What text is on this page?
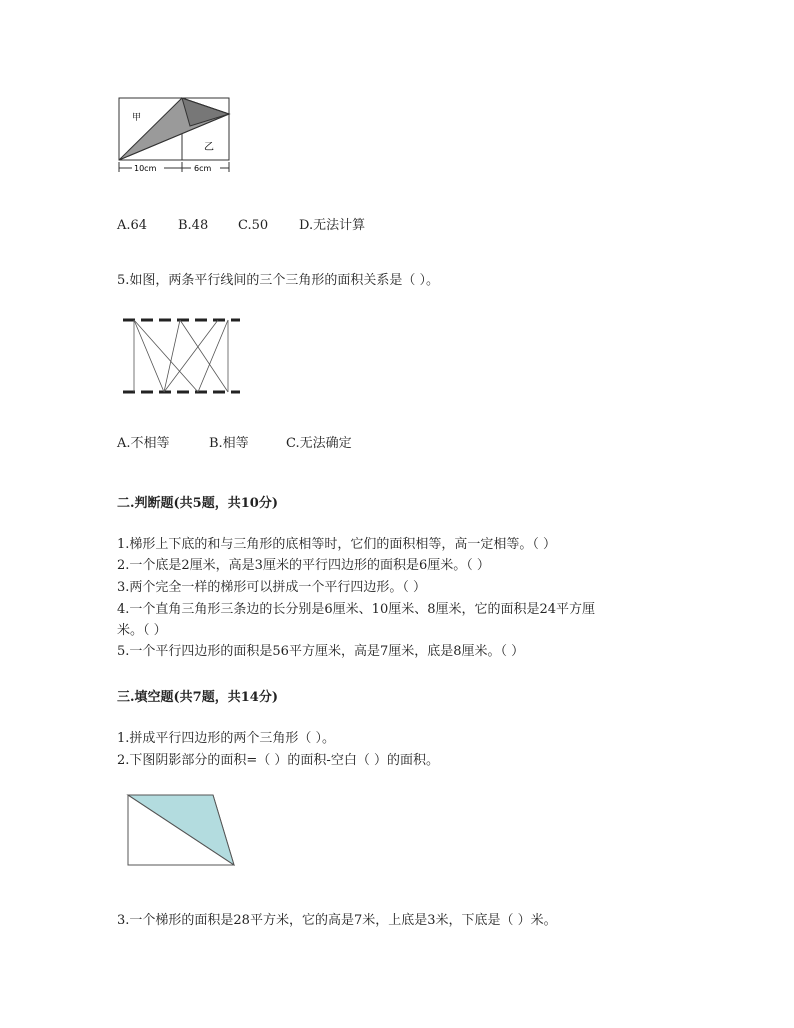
甲
乙
10cm	6cm
A.64 B.48 C.50 D.无法计算
5.如图，两条平行线间的三个三角形的面积关系是（ ）。
A.不相等	B.相等	C.无法确定
二.判断题(共5题，共10分)
1.梯形上下底的和与三角形的底相等时，它们的面积相等，高一定相等。（ ）
2.一个底是2厘米，高是3厘米的平行四边形的面积是6厘米。（ ）
3.两个完全一样的梯形可以拼成一个平行四边形。（ ）
4.一个直角三角形三条边的长分别是6厘米、10厘米、8厘米，它的面积是24平方厘
米。（ ）
5.一个平行四边形的面积是56平方厘米，高是7厘米，底是8厘米。（ ）
三.填空题(共7题，共14分)
1.拼成平行四边形的两个三角形（ ）。
2.下图阴影部分的面积=（ ）的面积-空白（ ）的面积。
3.一个梯形的面积是28平方米，它的高是7米，上底是3米，下底是（ ）米。
